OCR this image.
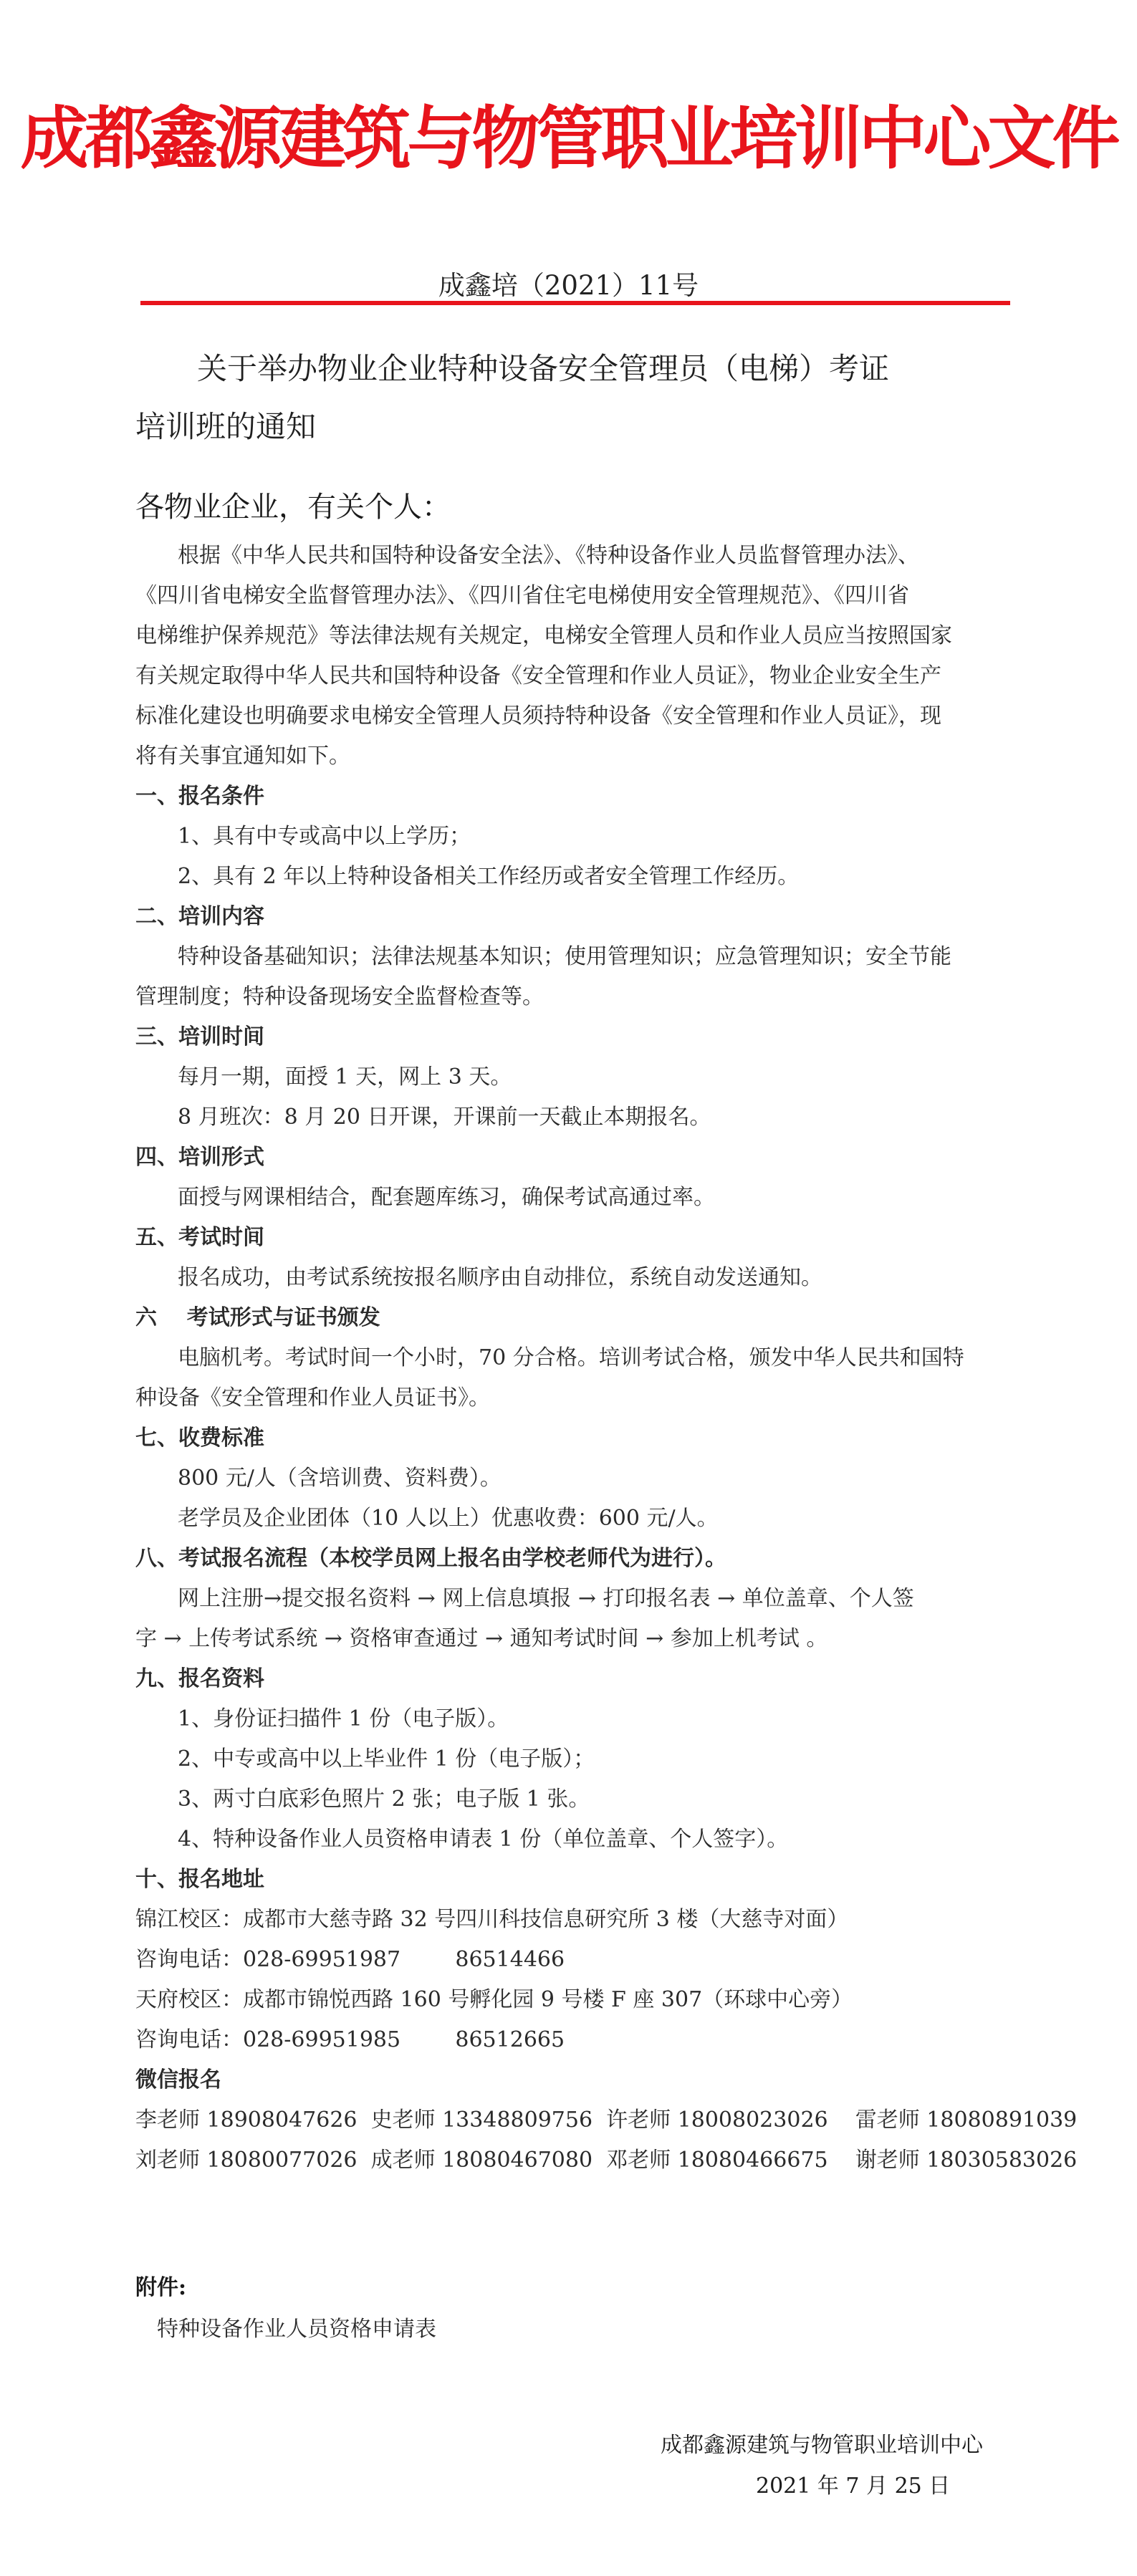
成都鑫源建筑与物管职业培训中心文件
成鑫培（2021）11号
关于举办物业企业特种设备安全管理员（电梯）考证
培训班的通知
各物业企业，有关个人：
根据《中华人民共和国特种设备安全法》、《特种设备作业人员监督管理办法》、
《四川省电梯安全监督管理办法》、《四川省住宅电梯使用安全管理规范》、《四川省
电梯维护保养规范》等法律法规有关规定，电梯安全管理人员和作业人员应当按照国家
有关规定取得中华人民共和国特种设备《安全管理和作业人员证》，物业企业安全生产
标准化建设也明确要求电梯安全管理人员须持特种设备《安全管理和作业人员证》，现
将有关事宜通知如下。
一、报名条件
1、具有中专或高中以上学历；
2、具有 2 年以上特种设备相关工作经历或者安全管理工作经历。
二、培训内容
特种设备基础知识；法律法规基本知识；使用管理知识；应急管理知识；安全节能
管理制度；特种设备现场安全监督检查等。
三、培训时间
每月一期，面授 1 天，网上 3 天。
8 月班次：8 月 20 日开课，开课前一天截止本期报名。
四、培训形式
面授与网课相结合，配套题库练习，确保考试高通过率。
五、考试时间
报名成功，由考试系统按报名顺序由自动排位，系统自动发送通知。
六    考试形式与证书颁发
电脑机考。考试时间一个小时，70 分合格。培训考试合格，颁发中华人民共和国特
种设备《安全管理和作业人员证书》。
七、收费标准
800 元/人（含培训费、资料费）。
老学员及企业团体（10 人以上）优惠收费：600 元/人。
八、考试报名流程（本校学员网上报名由学校老师代为进行）。
网上注册→提交报名资料 → 网上信息填报 → 打印报名表 → 单位盖章、个人签
字 → 上传考试系统 → 资格审查通过 → 通知考试时间 → 参加上机考试 。
九、报名资料
1、身份证扫描件 1 份（电子版）。
2、中专或高中以上毕业件 1 份（电子版）；
3、两寸白底彩色照片 2 张；电子版 1 张。
4、特种设备作业人员资格申请表 1 份（单位盖章、个人签字）。
十、报名地址
锦江校区：成都市大慈寺路 32 号四川科技信息研究所 3 楼（大慈寺对面）
咨询电话：028-69951987        86514466
天府校区：成都市锦悦西路 160 号孵化园 9 号楼 F 座 307（环球中心旁）
咨询电话：028-69951985        86512665
微信报名
李老师 18908047626  史老师 13348809756  许老师 18008023026    雷老师 18080891039
刘老师 18080077026  成老师 18080467080  邓老师 18080466675    谢老师 18030583026
附件:
特种设备作业人员资格申请表
成都鑫源建筑与物管职业培训中心
2021 年 7 月 25 日
